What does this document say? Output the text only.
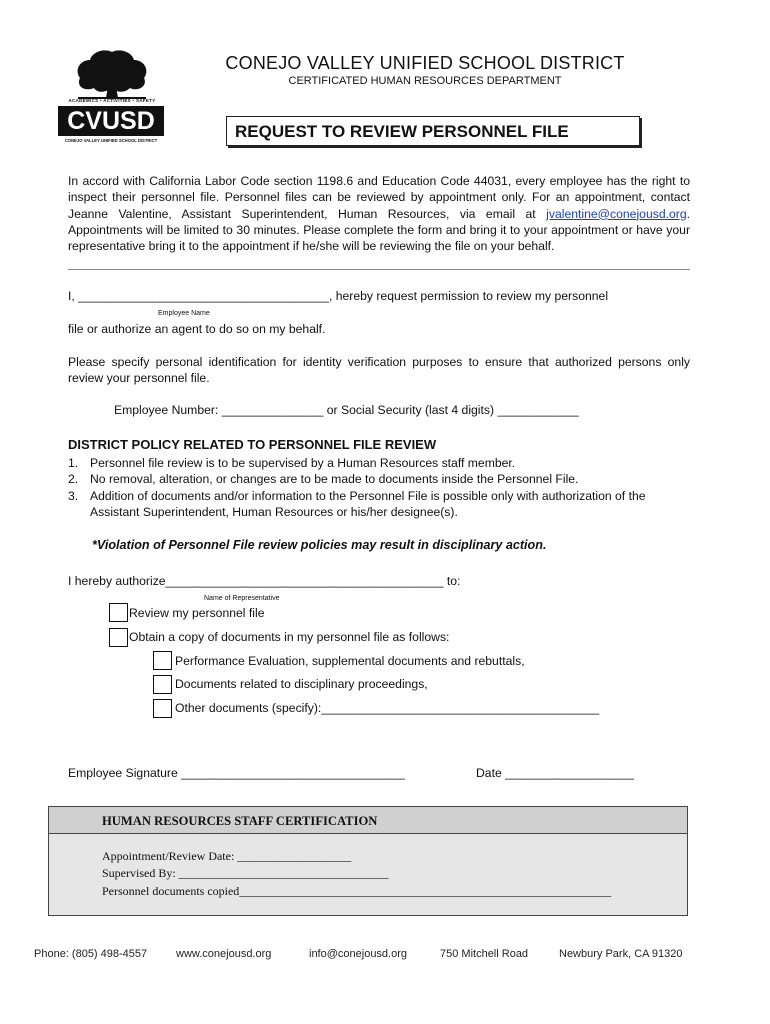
ACADEMICS • ACTIVITIES • SAFETY
CVUSD
CONEJO VALLEY UNIFIED SCHOOL DISTRICT
CONEJO VALLEY UNIFIED SCHOOL DISTRICT
CERTIFICATED HUMAN RESOURCES DEPARTMENT
REQUEST TO REVIEW PERSONNEL FILE
In accord with California Labor Code section 1198.6 and Education Code 44031, every employee has the right to inspect their personnel file. Personnel files can be reviewed by appointment only. For an appointment, contact Jeanne Valentine, Assistant Superintendent, Human Resources, via email at jvalentine@conejousd.org. Appointments will be limited to 30 minutes. Please complete the form and bring it to your appointment or have your representative bring it to the appointment if he/she will be reviewing the file on your behalf.
I, _____________________________________, hereby request permission to review my personnel
Employee Name
file or authorize an agent to do so on my behalf.
Please specify personal identification for identity verification purposes to ensure that authorized persons only review your personnel file.
Employee Number: _______________ or Social Security (last 4 digits) ____________
DISTRICT POLICY RELATED TO PERSONNEL FILE REVIEW
1. Personnel file review is to be supervised by a Human Resources staff member.
2. No removal, alteration, or changes are to be made to documents inside the Personnel File.
3. Addition of documents and/or information to the Personnel File is possible only with authorization of the Assistant Superintendent, Human Resources or his/her designee(s).
*Violation of Personnel File review policies may result in disciplinary action.
I hereby authorize_________________________________________ to:
Name of Representative
Review my personnel file
Obtain a copy of documents in my personnel file as follows:
Performance Evaluation, supplemental documents and rebuttals,
Documents related to disciplinary proceedings,
Other documents (specify):_________________________________________
Employee Signature _________________________________	Date ___________________
HUMAN RESOURCES STAFF CERTIFICATION
Appointment/Review Date: ___________________
Supervised By: ___________________________________
Personnel documents copied______________________________________________________________
Phone: (805) 498-4557	www.conejousd.org	info@conejousd.org	750 Mitchell Road	Newbury Park, CA 91320
